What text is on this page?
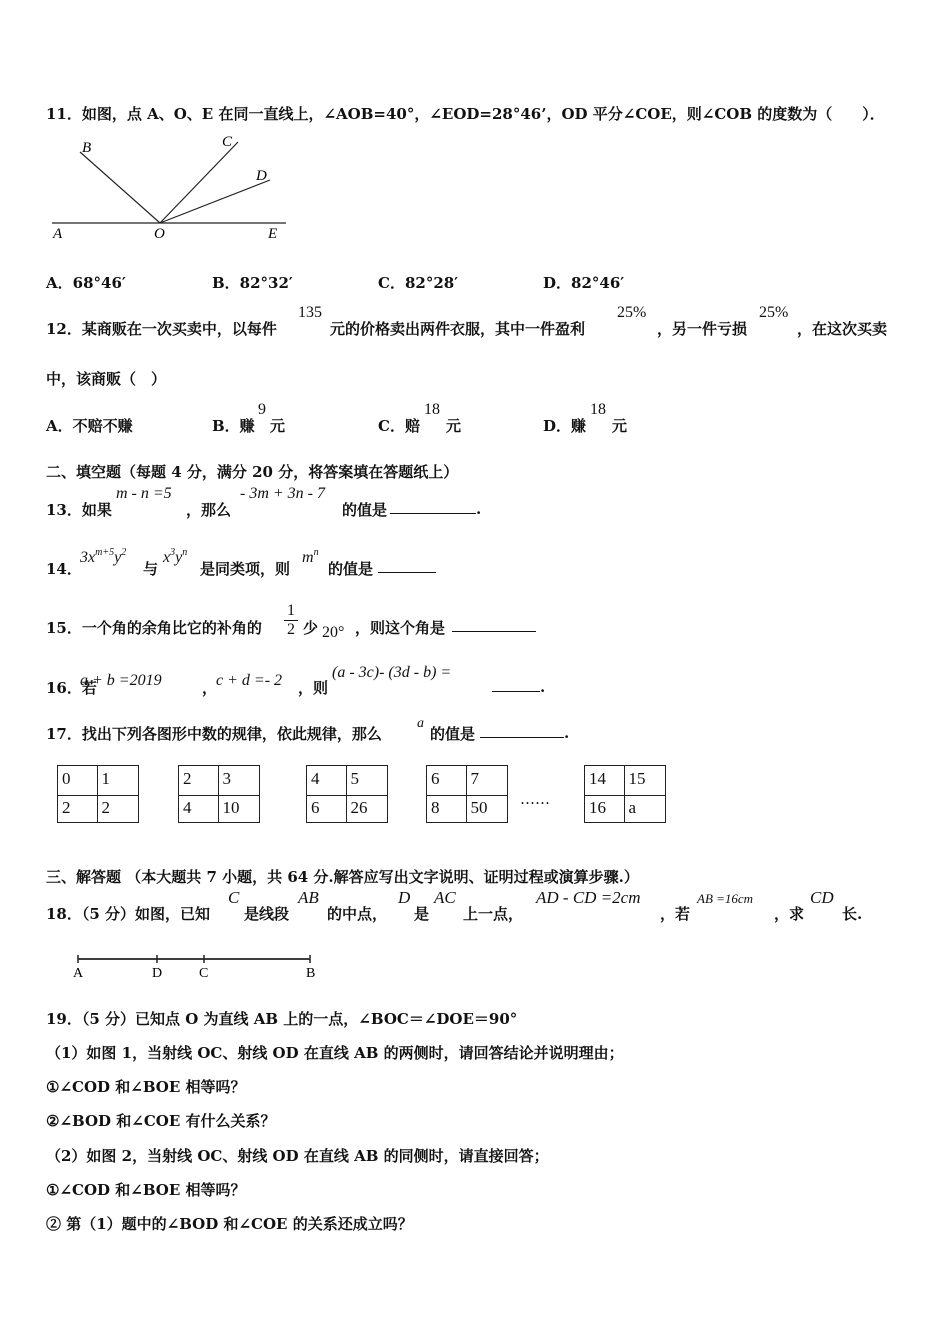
11．如图，点 A、O、E 在同一直线上，∠AOB=40°，∠EOD=28°46’，OD 平分∠COE，则∠COB 的度数为（　　）．
B	C
D
A	O	E
A．68°46′	B．82°32′	C．82°28′	D．82°46′
12．某商贩在一次买卖中，以每件
135
元的价格卖出两件衣服，其中一件盈利
25%
，另一件亏损
25%
，在这次买卖
中，该商贩（　）
A．不赔不赚	B．赚
9
元	C．赔
18
元	D．赚
18
元
二、填空题（每题 4 分，满分 20 分，将答案填在答题纸上）
13．如果
m - n =5
，那么
- 3m + 3n - 7
的值是	.
14．
$3x^{m+5}y^2$
与
$x^3y^n$
是同类项，则
$m^n$
的值是
15．一个角的余角比它的补角的
1
2 少 20° ，则这个角是
16．若
a + b =2019	，
c + d =- 2 ，则
(a - 3c)- (3d - b) =
.
17．找出下列各图形中数的规律，依此规律，那么
a
的值是	.
0 1
2 2
2 3
4 10
4 5
6 26
6 7
8 50
14 15
16 a
……
三、解答题 （本大题共 7 小题，共 64 分.解答应写出文字说明、证明过程或演算步骤.）
18．（5 分）如图，已知
C
是线段
AB
的中点，
D
是
AC
上一点，
AD - CD =2cm
，若
AB =16cm
，求
CD
长.
A	D	C	B
19．（5 分）已知点 O 为直线 AB 上的一点，∠BOC＝∠DOE＝90°
（1）如图 1，当射线 OC、射线 OD 在直线 AB 的两侧时，请回答结论并说明理由；
①∠COD 和∠BOE 相等吗？
②∠BOD 和∠COE 有什么关系？
（2）如图 2，当射线 OC、射线 OD 在直线 AB 的同侧时，请直接回答；
①∠COD 和∠BOE 相等吗？
② 第（1）题中的∠BOD 和∠COE 的关系还成立吗？
